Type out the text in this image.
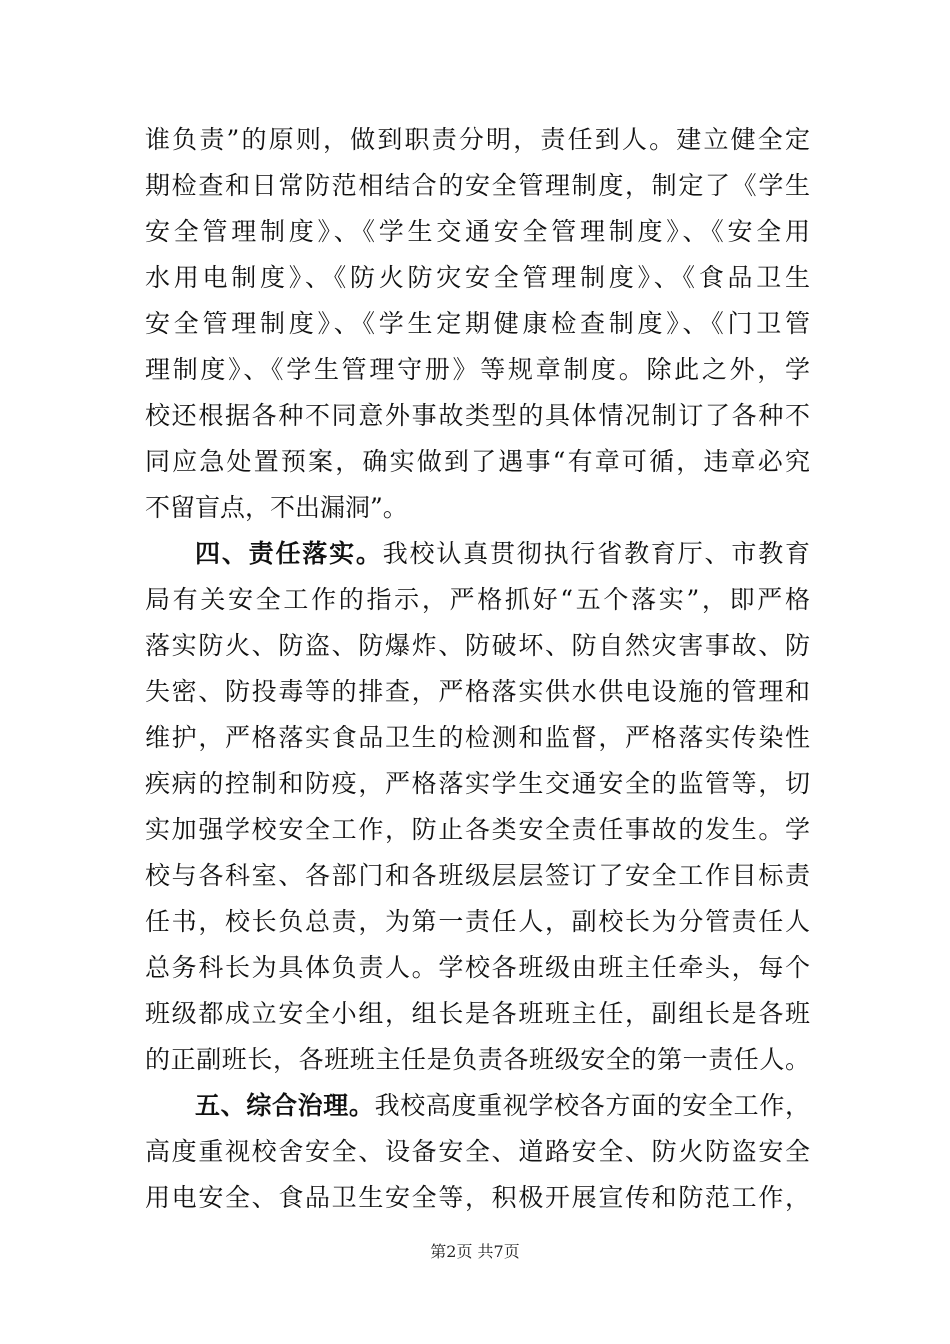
谁负责”的原则，做到职责分明，责任到人。建立健全定
期检查和日常防范相结合的安全管理制度，制定了《学生
安全管理制度》、《学生交通安全管理制度》、《安全用
水用电制度》、《防火防灾安全管理制度》、《食品卫生
安全管理制度》、《学生定期健康检查制度》、《门卫管
理制度》、《学生管理守册》等规章制度。除此之外，学
校还根据各种不同意外事故类型的具体情况制订了各种不
同应急处置预案，确实做到了遇事“有章可循，违章必究
不留盲点，不出漏洞”。
四、责任落实。我校认真贯彻执行省教育厅、市教育
局有关安全工作的指示，严格抓好“五个落实”，即严格
落实防火、防盗、防爆炸、防破坏、防自然灾害事故、防
失密、防投毒等的排查，严格落实供水供电设施的管理和
维护，严格落实食品卫生的检测和监督，严格落实传染性
疾病的控制和防疫，严格落实学生交通安全的监管等，切
实加强学校安全工作，防止各类安全责任事故的发生。学
校与各科室、各部门和各班级层层签订了安全工作目标责
任书，校长负总责，为第一责任人，副校长为分管责任人
总务科长为具体负责人。学校各班级由班主任牵头，每个
班级都成立安全小组，组长是各班班主任，副组长是各班
的正副班长，各班班主任是负责各班级安全的第一责任人。
五、综合治理。我校高度重视学校各方面的安全工作，
高度重视校舍安全、设备安全、道路安全、防火防盗安全
用电安全、食品卫生安全等，积极开展宣传和防范工作，
第2页 共7页
